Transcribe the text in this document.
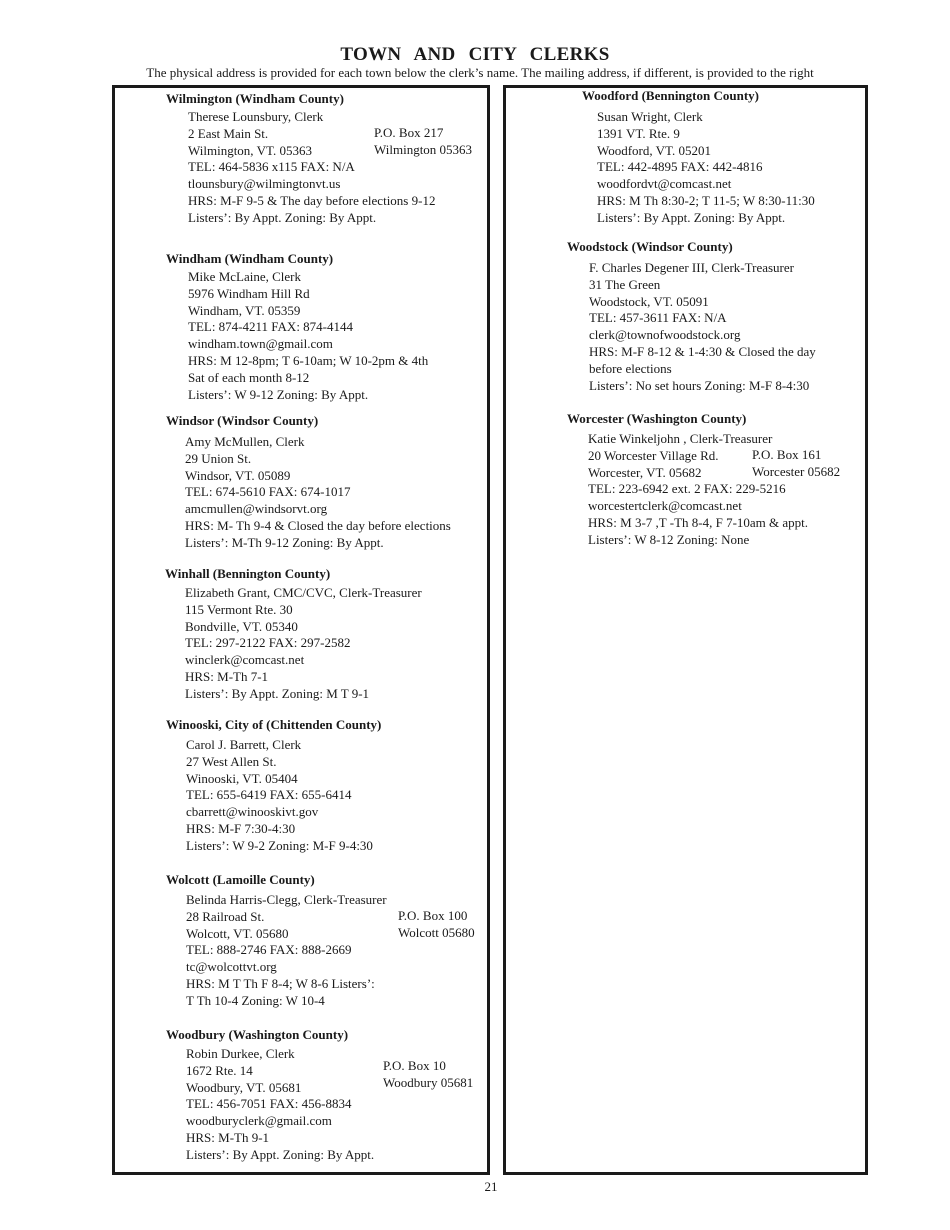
TOWN AND CITY CLERKS
The physical address is provided for each town below the clerk’s name. The mailing address, if different, is provided to the right
Wilmington (Windham County)
Therese Lounsbury, Clerk
2 East Main St.
Wilmington, VT. 05363
TEL: 464-5836 x115 FAX: N/A
tlounsbury@wilmingtonvt.us
HRS: M-F 9-5 & The day before elections 9-12
Listers’: By Appt. Zoning: By Appt.
P.O. Box 217
Wilmington 05363
Windham (Windham County)
Mike McLaine, Clerk
5976 Windham Hill Rd
Windham, VT. 05359
TEL: 874-4211 FAX: 874-4144
windham.town@gmail.com
HRS: M 12-8pm; T 6-10am; W 10-2pm & 4th
Sat of each month 8-12
Listers’: W 9-12 Zoning: By Appt.
Windsor (Windsor County)
Amy McMullen, Clerk
29 Union St.
Windsor, VT. 05089
TEL: 674-5610 FAX: 674-1017
amcmullen@windsorvt.org
HRS: M- Th 9-4 & Closed the day before elections
Listers’: M-Th 9-12 Zoning: By Appt.
Winhall (Bennington County)
Elizabeth Grant, CMC/CVC, Clerk-Treasurer
115 Vermont Rte. 30
Bondville, VT. 05340
TEL: 297-2122 FAX: 297-2582
winclerk@comcast.net
HRS: M-Th 7-1
Listers’: By Appt. Zoning: M T 9-1
Winooski, City of (Chittenden County)
Carol J. Barrett, Clerk
27 West Allen St.
Winooski, VT. 05404
TEL: 655-6419 FAX: 655-6414
cbarrett@winooskivt.gov
HRS: M-F 7:30-4:30
Listers’: W 9-2 Zoning: M-F 9-4:30
Wolcott (Lamoille County)
Belinda Harris-Clegg, Clerk-Treasurer
28 Railroad St.
Wolcott, VT. 05680
TEL: 888-2746 FAX: 888-2669
tc@wolcottvt.org
HRS: M T Th F 8-4; W 8-6 Listers’:
T Th 10-4 Zoning: W 10-4
P.O. Box 100
Wolcott 05680
Woodbury (Washington County)
Robin Durkee, Clerk
1672 Rte. 14
Woodbury, VT. 05681
TEL: 456-7051 FAX: 456-8834
woodburyclerk@gmail.com
HRS: M-Th 9-1
Listers’: By Appt. Zoning: By Appt.
P.O. Box 10
Woodbury 05681
Woodford (Bennington County)
Susan Wright, Clerk
1391 VT. Rte. 9
Woodford, VT. 05201
TEL: 442-4895 FAX: 442-4816
woodfordvt@comcast.net
HRS: M Th 8:30-2; T 11-5; W 8:30-11:30
Listers’: By Appt. Zoning: By Appt.
Woodstock (Windsor County)
F. Charles Degener III, Clerk-Treasurer
31 The Green
Woodstock, VT. 05091
TEL: 457-3611 FAX: N/A
clerk@townofwoodstock.org
HRS: M-F 8-12 & 1-4:30 & Closed the day
before elections
Listers’: No set hours Zoning: M-F 8-4:30
Worcester (Washington County)
Katie Winkeljohn , Clerk-Treasurer
20 Worcester Village Rd.
Worcester, VT. 05682
TEL: 223-6942 ext. 2 FAX: 229-5216
worcestertclerk@comcast.net
HRS: M 3-7 ,T -Th 8-4, F 7-10am & appt.
Listers’: W 8-12 Zoning: None
P.O. Box 161
Worcester 05682
21
